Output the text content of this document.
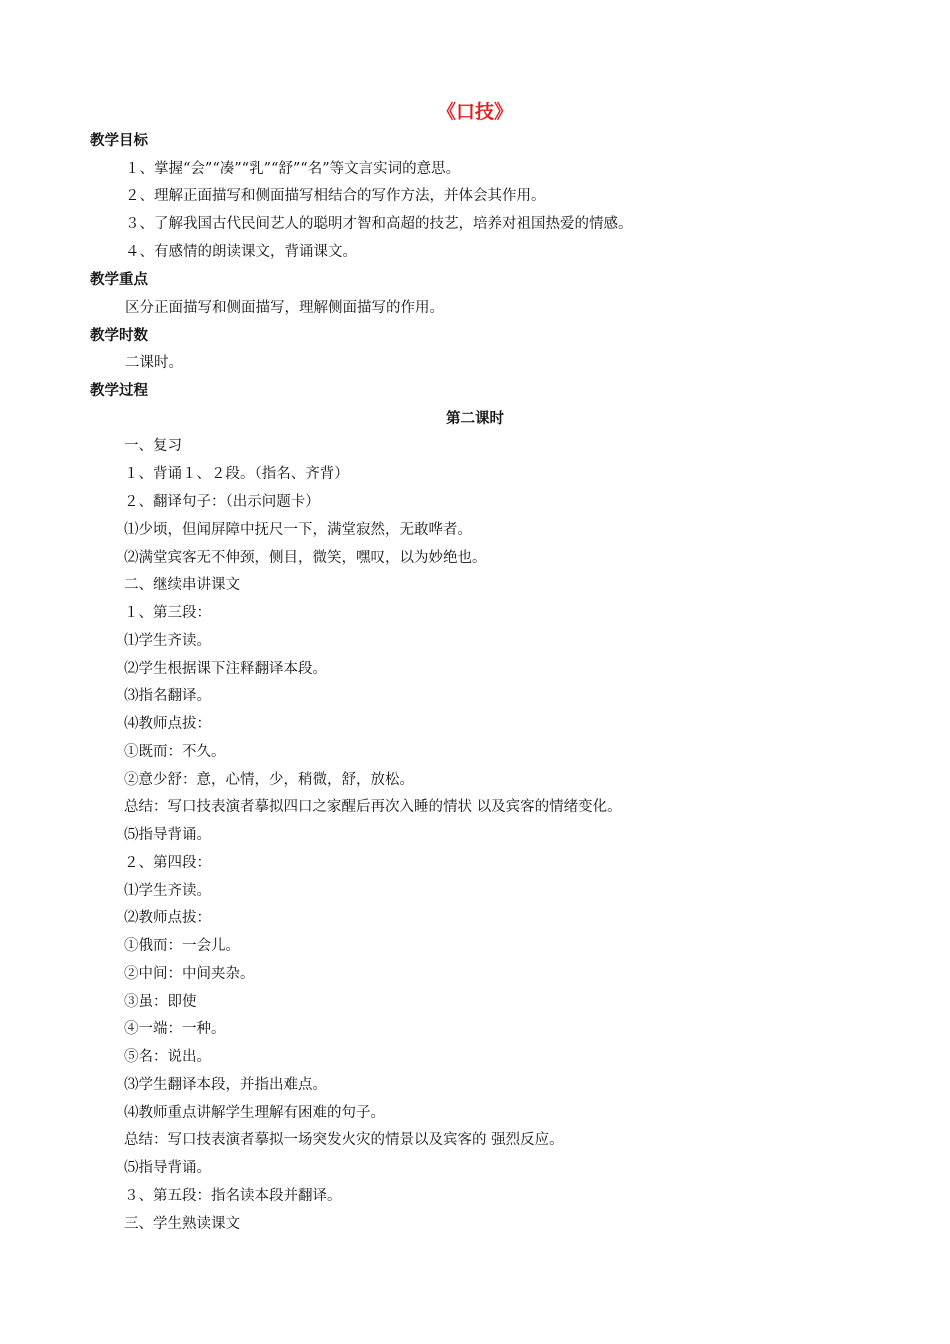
《口技》
教学目标
１、掌握“会”“凑”“乳”“舒”“名”等文言实词的意思。
２、理解正面描写和侧面描写相结合的写作方法，并体会其作用。
３、了解我国古代民间艺人的聪明才智和高超的技艺，培养对祖国热爱的情感。
４、有感情的朗读课文，背诵课文。
教学重点
区分正面描写和侧面描写，理解侧面描写的作用。
教学时数
二课时。
教学过程
第二课时
一、复习
１、背诵１、２段。（指名、齐背）
２、翻译句子：（出示问题卡）
⑴少顷，但闻屏障中抚尺一下，满堂寂然，无敢哗者。
⑵满堂宾客无不伸颈，侧目，微笑，嘿叹，以为妙绝也。
二、继续串讲课文
１、第三段：
⑴学生齐读。
⑵学生根据课下注释翻译本段。
⑶指名翻译。
⑷教师点拔：
①既而：不久。
②意少舒：意，心情，少，稍微，舒，放松。
总结：写口技表演者摹拟四口之家醒后再次入睡的情状 以及宾客的情绪变化。
⑸指导背诵。
２、第四段：
⑴学生齐读。
⑵教师点拔：
①俄而：一会儿。
②中间：中间夹杂。
③虽：即使
④一端：一种。
⑤名：说出。
⑶学生翻译本段，并指出难点。
⑷教师重点讲解学生理解有困难的句子。
总结：写口技表演者摹拟一场突发火灾的情景以及宾客的 强烈反应。
⑸指导背诵。
３、第五段：指名读本段并翻译。
三、学生熟读课文
